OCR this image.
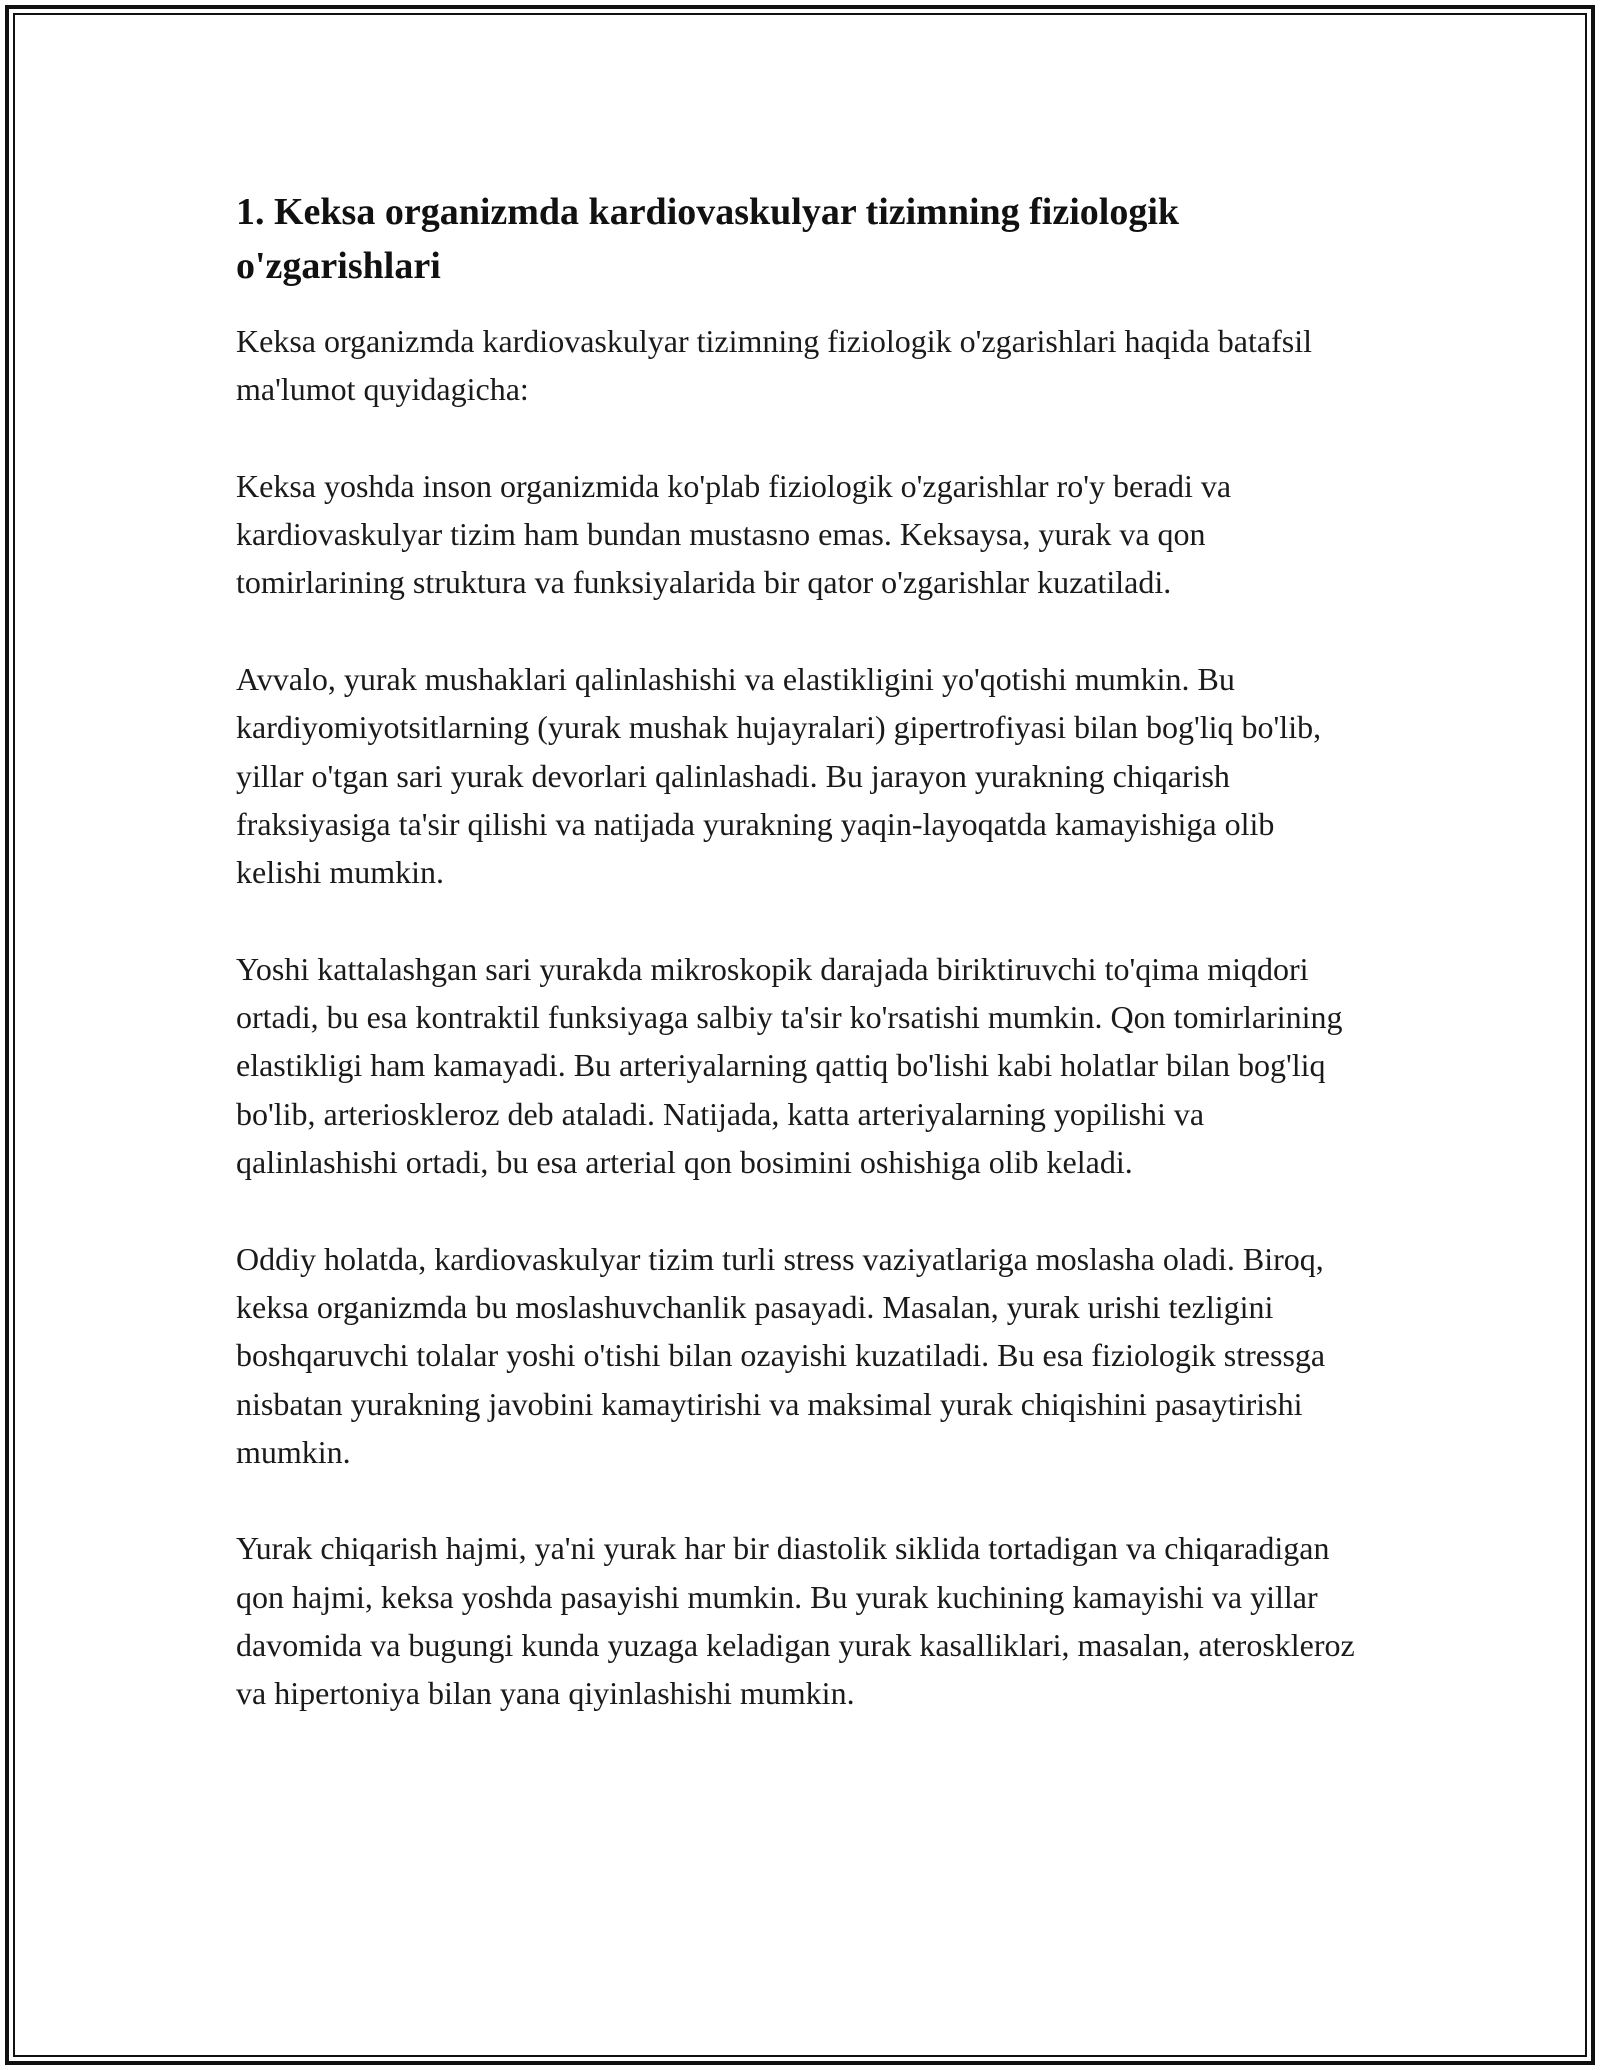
1. Keksa organizmda kardiovaskulyar tizimning fiziologik o'zgarishlari

Keksa organizmda kardiovaskulyar tizimning fiziologik o'zgarishlari haqida batafsil ma'lumot quyidagicha:

Keksa yoshda inson organizmida ko'plab fiziologik o'zgarishlar ro'y beradi va kardiovaskulyar tizim ham bundan mustasno emas. Keksaysa, yurak va qon tomirlarining struktura va funksiyalarida bir qator o'zgarishlar kuzatiladi.

Avvalo, yurak mushaklari qalinlashishi va elastikligini yo'qotishi mumkin. Bu kardiyomiyotsitlarning (yurak mushak hujayralari) gipertrofiyasi bilan bog'liq bo'lib, yillar o'tgan sari yurak devorlari qalinlashadi. Bu jarayon yurakning chiqarish fraksiyasiga ta'sir qilishi va natijada yurakning yaqin-layoqatda kamayishiga olib kelishi mumkin.

Yoshi kattalashgan sari yurakda mikroskopik darajada biriktiruvchi to'qima miqdori ortadi, bu esa kontraktil funksiyaga salbiy ta'sir ko'rsatishi mumkin. Qon tomirlarining elastikligi ham kamayadi. Bu arteriyalarning qattiq bo'lishi kabi holatlar bilan bog'liq bo'lib, arterioskleroz deb ataladi. Natijada, katta arteriyalarning yopilishi va qalinlashishi ortadi, bu esa arterial qon bosimini oshishiga olib keladi.

Oddiy holatda, kardiovaskulyar tizim turli stress vaziyatlariga moslasha oladi. Biroq, keksa organizmda bu moslashuvchanlik pasayadi. Masalan, yurak urishi tezligini boshqaruvchi tolalar yoshi o'tishi bilan ozayishi kuzatiladi. Bu esa fiziologik stressga nisbatan yurakning javobini kamaytirishi va maksimal yurak chiqishini pasaytirishi mumkin.

Yurak chiqarish hajmi, ya'ni yurak har bir diastolik siklida tortadigan va chiqaradigan qon hajmi, keksa yoshda pasayishi mumkin. Bu yurak kuchining kamayishi va yillar davomida va bugungi kunda yuzaga keladigan yurak kasalliklari, masalan, ateroskleroz va hipertoniya bilan yana qiyinlashishi mumkin.
